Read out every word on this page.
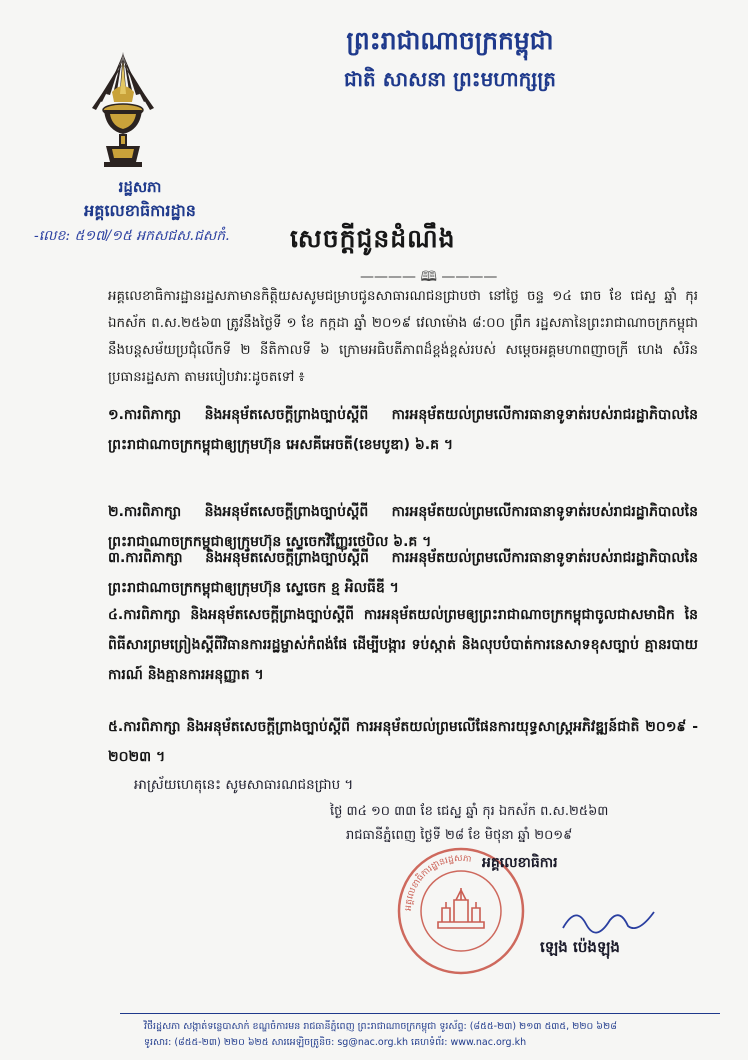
ព្រះរាជាណាចក្រកម្ពុជា
ជាតិ សាសនា ព្រះមហាក្សត្រ
រដ្ឋសភា
អគ្គលេខាធិការដ្ឋាន
-លេខ: ៥១៧/១៥ អកសជស.ជសកំ. សេចក្តីជូនដំណឹង
———— 🕮 ————
អគ្គលេខាធិការដ្ឋានរដ្ឋសភាមានកិត្តិយសសូមជម្រាបជូនសាធារណជនជ្រាបថា នៅថ្ងៃ ចន្ទ ១៤ រោច ខែ ជេស្ឋ ឆ្នាំ កុរ ឯកស័ក ព.ស.២៥៦៣ ត្រូវនឹងថ្ងៃទី ១ ខែ កក្កដា ឆ្នាំ ២០១៩ វេលាម៉ោង ៨:០០ ព្រឹក រដ្ឋសភានៃព្រះរាជាណាចក្រកម្ពុជា នឹងបន្តសម័យប្រជុំលើកទី ២ នីតិកាលទី ៦ ក្រោមអធិបតីភាពដ៏ខ្ពង់ខ្ពស់របស់ សម្តេចអគ្គមហាពញាចក្រី ហេង សំរិន ប្រធានរដ្ឋសភា តាមរបៀបវារៈដូចតទៅ ៖
១.ការពិភាក្សា និងអនុម័តសេចក្តីព្រាងច្បាប់ស្តីពី ការអនុម័តយល់ព្រមលើការធានាទូទាត់របស់រាជរដ្ឋាភិបាលនៃព្រះរាជាណាចក្រកម្ពុជាឲ្យក្រុមហ៊ុន អេសគីអេចតី(ខេមបូឌា) ៦.គ ។
២.ការពិភាក្សា និងអនុម័តសេចក្តីព្រាងច្បាប់ស្តីពី ការអនុម័តយល់ព្រមលើការធានាទូទាត់របស់រាជរដ្ឋាភិបាលនៃព្រះរាជាណាចក្រកម្ពុជាឲ្យក្រុមហ៊ុន ស្ទេចេកវិញ្ញែរថេបិល ៦.គ ។
៣.ការពិភាក្សា និងអនុម័តសេចក្តីព្រាងច្បាប់ស្តីពី ការអនុម័តយល់ព្រមលើការធានាទូទាត់របស់រាជរដ្ឋាភិបាលនៃព្រះរាជាណាចក្រកម្ពុជាឲ្យក្រុមហ៊ុន ស្ទេចេក ខ្ម អិលធីឌី ។
៤.ការពិភាក្សា និងអនុម័តសេចក្តីព្រាងច្បាប់ស្តីពី ការអនុម័តយល់ព្រមឲ្យព្រះរាជាណាចក្រកម្ពុជាចូលជាសមាជិក នៃពិធីសារព្រមព្រៀងស្តីពីវិធានការរដ្ឋម្ចាស់កំពង់ផែ ដើម្បីបង្ការ ទប់ស្កាត់ និងលុបបំបាត់ការនេសាទខុសច្បាប់ គ្មានរបាយការណ៍ និងគ្មានការអនុញ្ញាត ។
៥.ការពិភាក្សា និងអនុម័តសេចក្តីព្រាងច្បាប់ស្តីពី ការអនុម័តយល់ព្រមលើផែនការយុទ្ធសាស្ត្រអភិវឌ្ឍន៍ជាតិ ២០១៩ - ២០២៣ ។
អាស្រ័យហេតុនេះ សូមសាធារណជនជ្រាប ។
ថ្ងៃ ៣៤ ១០ ៣៣ ខែ ជេស្ឋ ឆ្នាំ កុរ ឯកស័ក ព.ស.២៥៦៣
រាជធានីភ្នំពេញ ថ្ងៃទី ២៨ ខែ មិថុនា ឆ្នាំ ២០១៩
អគ្គលេខាធិការដ្ឋានរដ្ឋសភា អគ្គលេខាធិការ
ឡេង ប៉េងឡុង
វិថីរដ្ឋសភា សង្កាត់ទន្លេបាសាក់ ខណ្ឌចំការមន រាជធានីភ្នំពេញ ព្រះរាជាណាចក្រកម្ពុជា ទូរស័ព្ទ: (៨៥៥-២៣) ២១៣ ៥៣៥, ២២០ ៦២៨
ទូរសារ: (៨៥៥-២៣) ២២០ ៦២៥ សារអេឡិចត្រូនិច: sg@nac.org.kh គេហទំព័រ: www.nac.org.kh
